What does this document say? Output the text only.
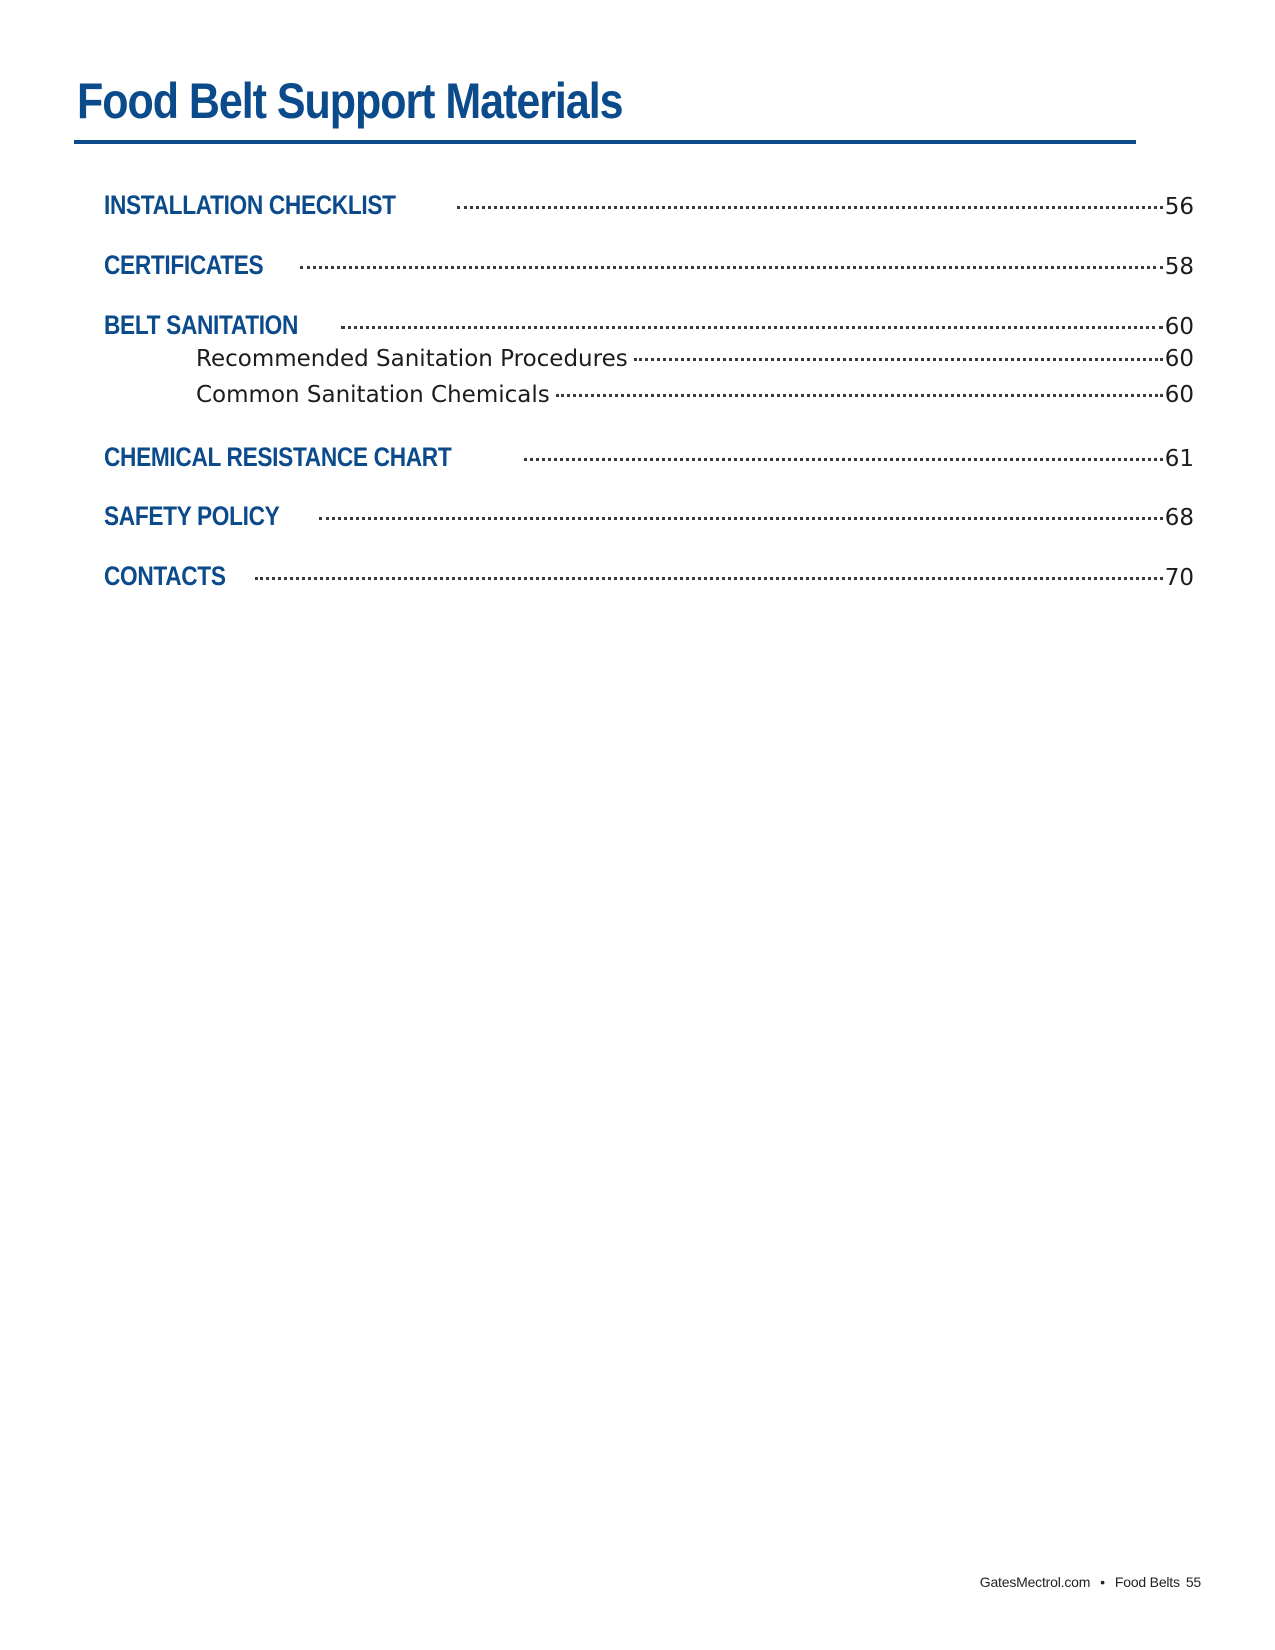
Food Belt Support Materials
INSTALLATION CHECKLIST	56
CERTIFICATES	58
BELT SANITATION	60
Recommended Sanitation Procedures	60
Common Sanitation Chemicals	60
CHEMICAL RESISTANCE CHART	61
SAFETY POLICY	68
CONTACTS	70
GatesMectrol.com • Food Belts 55
